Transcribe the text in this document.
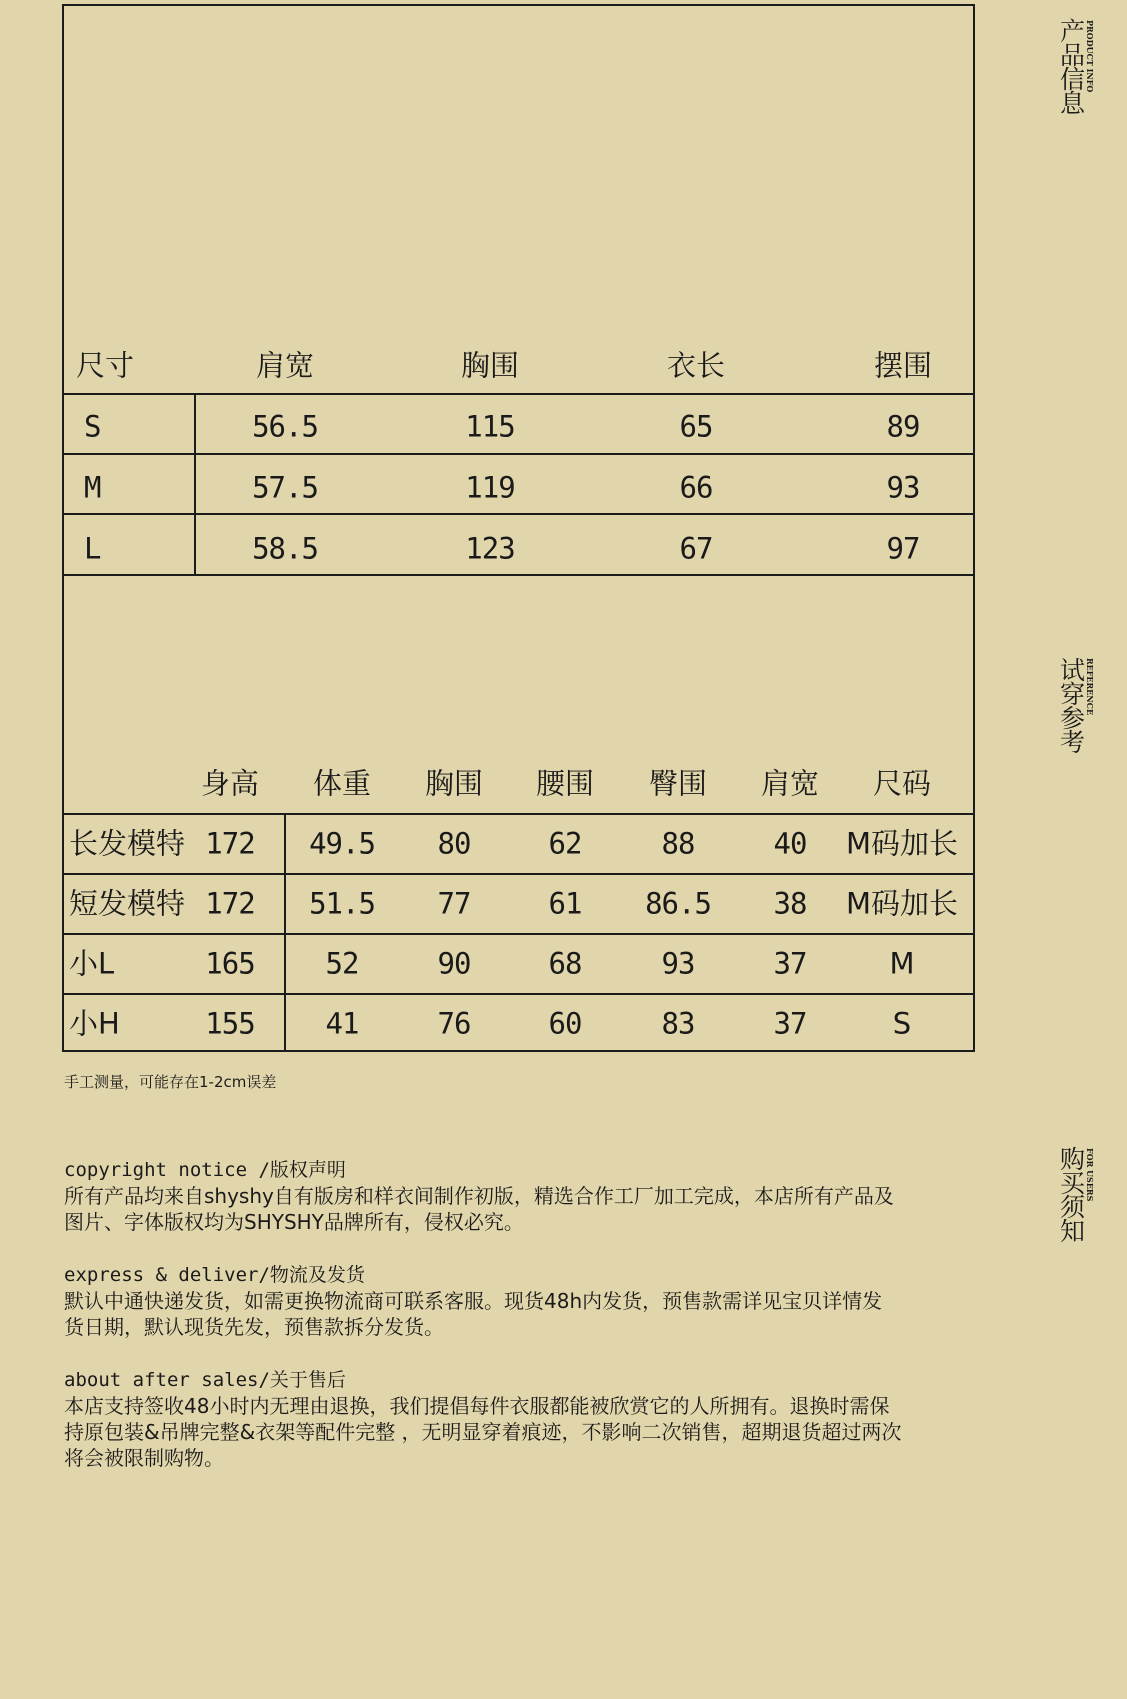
尺寸	肩宽	胸围	衣长	摆围
S	56.5	115	65	89
M	57.5	119	66	93
L	58.5	123	67	97
身高 体重 胸围 腰围 臀围 肩宽 尺码
长发模特 172 49.5 80	62	88	40 M码加长
短发模特 172 51.5 77	61 86.5 38 M码加长
小L	165 52	90	68	93	37	M
小H	155 41	76	60	83	37	S
手工测量，可能存在1-2cm误差
copyright notice /版权声明
所有产品均来自shyshy自有版房和样衣间制作初版，精选合作工厂加工完成，本店所有产品及
图片、字体版权均为SHYSHY品牌所有，侵权必究。
express & deliver/物流及发货
默认中通快递发货，如需更换物流商可联系客服。现货48h内发货，预售款需详见宝贝详情发
货日期，默认现货先发，预售款拆分发货。
about after sales/关于售后
本店支持签收48小时内无理由退换，我们提倡每件衣服都能被欣赏它的人所拥有。退换时需保
持原包装&吊牌完整&衣架等配件完整 ，无明显穿着痕迹，不影响二次销售，超期退货超过两次
将会被限制购物。
产品信息 PRODUCT INFO
试穿参考 REFERENCE
购买须知 FOR USERS
